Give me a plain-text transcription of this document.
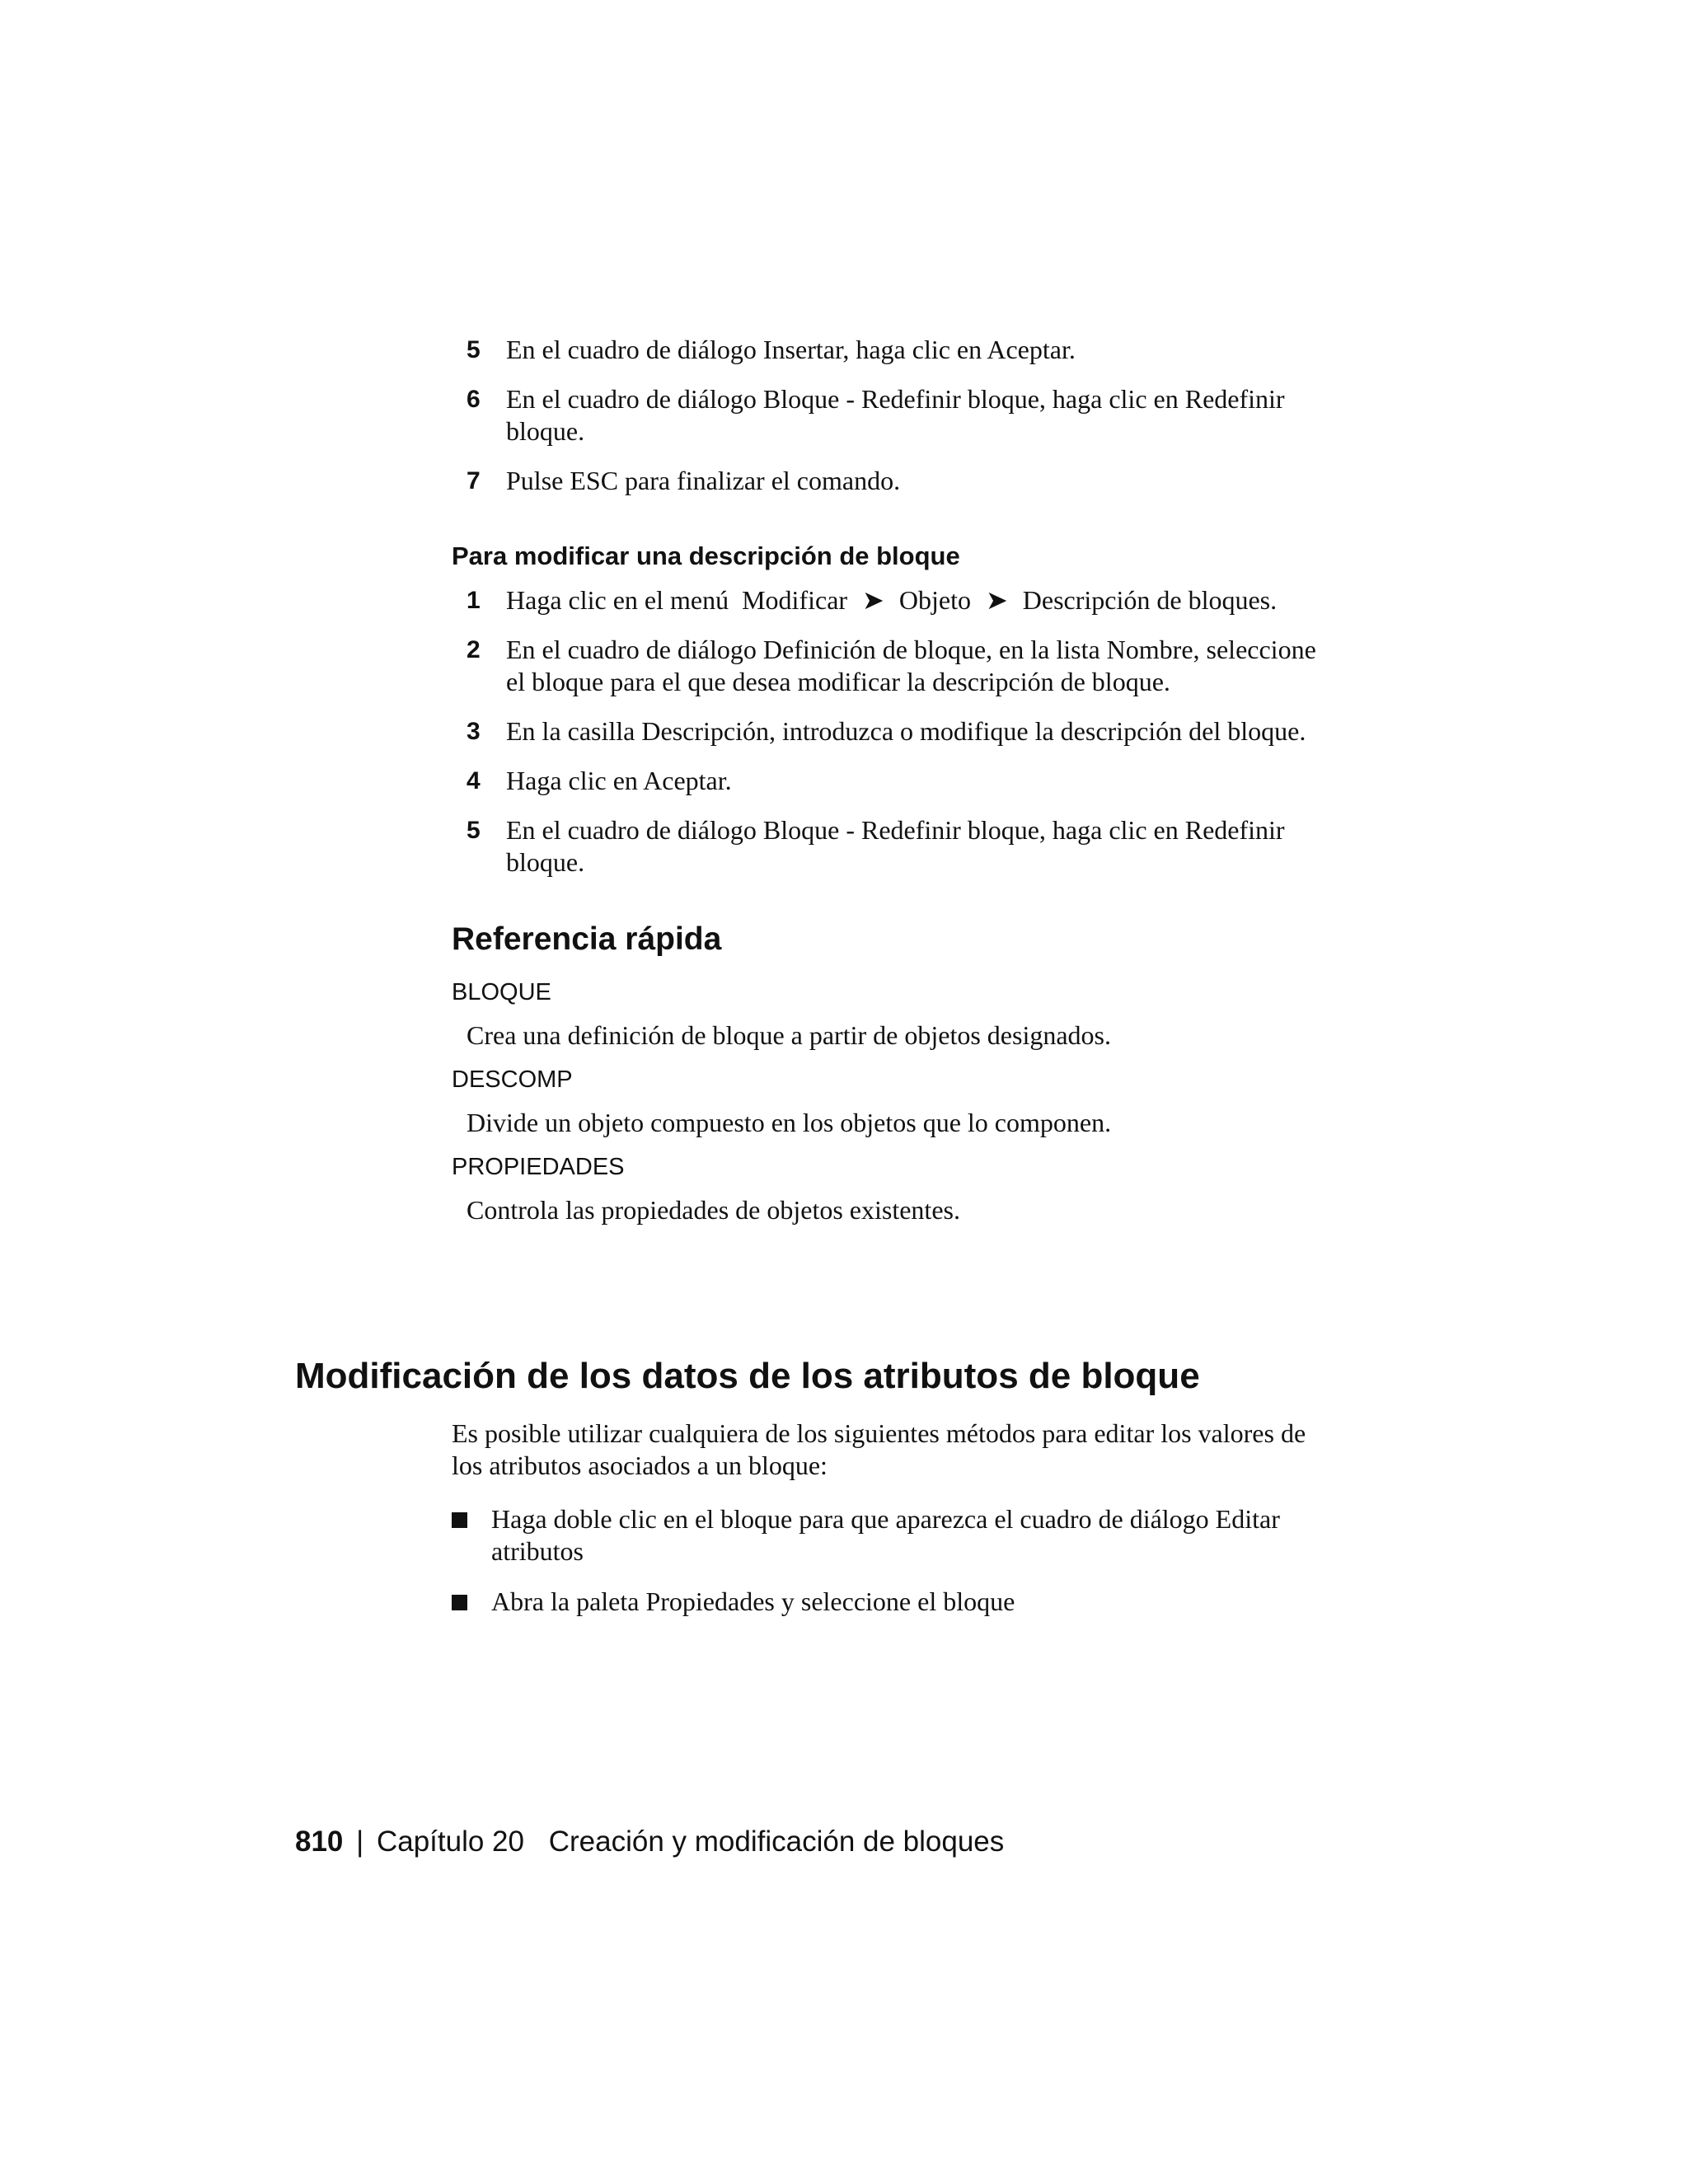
5 En el cuadro de diálogo Insertar, haga clic en Aceptar.
6 En el cuadro de diálogo Bloque - Redefinir bloque, haga clic en Redefinir bloque.
7 Pulse ESC para finalizar el comando.
Para modificar una descripción de bloque
1 Haga clic en el menú Modificar ➤ Objeto ➤ Descripción de bloques.
2 En el cuadro de diálogo Definición de bloque, en la lista Nombre, seleccione el bloque para el que desea modificar la descripción de bloque.
3 En la casilla Descripción, introduzca o modifique la descripción del bloque.
4 Haga clic en Aceptar.
5 En el cuadro de diálogo Bloque - Redefinir bloque, haga clic en Redefinir bloque.
Referencia rápida
BLOQUE
Crea una definición de bloque a partir de objetos designados.
DESCOMP
Divide un objeto compuesto en los objetos que lo componen.
PROPIEDADES
Controla las propiedades de objetos existentes.
Modificación de los datos de los atributos de bloque

Es posible utilizar cualquiera de los siguientes métodos para editar los valores de los atributos asociados a un bloque:

Haga doble clic en el bloque para que aparezca el cuadro de diálogo Editar atributos
Abra la paleta Propiedades y seleccione el bloque
810 | Capítulo 20 Creación y modificación de bloques
